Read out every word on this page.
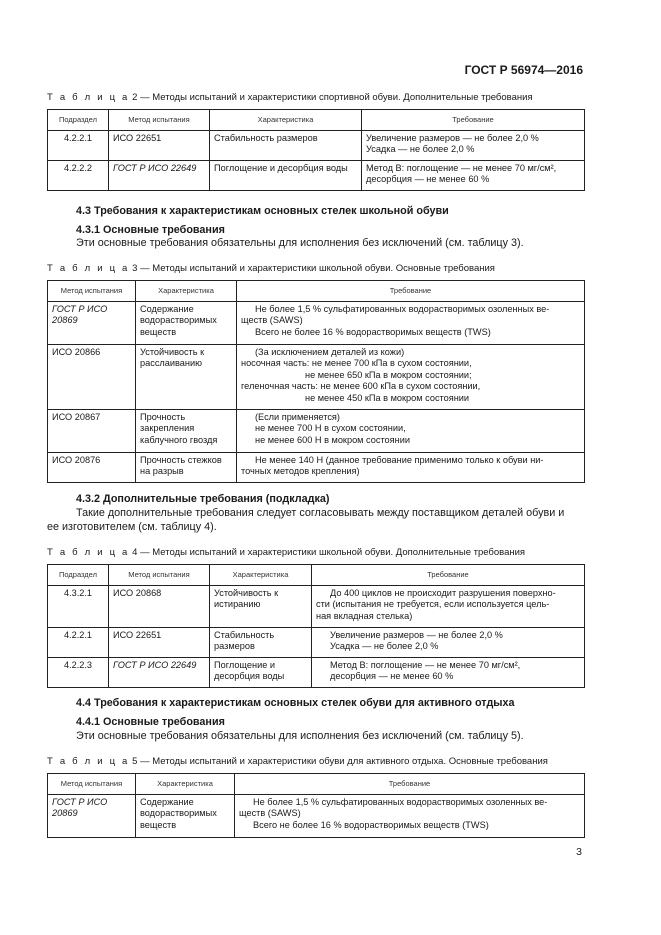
ГОСТ Р 56974—2016
Т а б л и ц а 2 — Методы испытаний и характеристики спортивной обуви. Дополнительные требования
Подраздел	Метод испытания	Характеристика	Требование
4.2.2.1	ИСО 22651	Стабильность размеров	Увеличение размеров — не более 2,0 %
Усадка — не более 2,0 %

4.2.2.2	ГОСТ Р ИСО 22649	Поглощение и десорбция воды	Метод В: поглощение — не менее 70 мг/см²,
десорбция — не менее 60 %
4.3 Требования к характеристикам основных стелек школьной обуви
4.3.1 Основные требования
Эти основные требования обязательны для исполнения без исключений (см. таблицу 3).
Т а б л и ц а 3 — Методы испытаний и характеристики школьной обуви. Основные требования
Метод испытания	Характеристика	Требование
ГОСТ Р ИСО 20869	Содержание водорастворимых веществ	Не более 1,5 % сульфатированных водорастворимых озоленных ве-
ществ (SAWS)
Всего не более 16 % водорастворимых веществ (TWS)

ИСО 20866	Устойчивость к расслаиванию	(За исключением деталей из кожи)
носочная часть: не менее 700 кПа в сухом состоянии,
не менее 650 кПа в мокром состоянии;
геленочная часть: не менее 600 кПа в сухом состоянии,
не менее 450 кПа в мокром состоянии

ИСО 20867	Прочность закрепления каблучного гвоздя	(Если применяется)
не менее 700 Н в сухом состоянии,
не менее 600 Н в мокром состоянии

ИСО 20876	Прочность стежков на разрыв	Не менее 140 Н (данное требование применимо только к обуви ни-
точных методов крепления)
4.3.2 Дополнительные требования (подкладка)
Такие дополнительные требования следует согласовывать между поставщиком деталей обуви и
ее изготовителем (см. таблицу 4).
Т а б л и ц а 4 — Методы испытаний и характеристики школьной обуви. Дополнительные требования
Подраздел	Метод испытания	Характеристика	Требование
4.3.2.1	ИСО 20868	Устойчивость к истиранию	До 400 циклов не происходит разрушения поверхно-
сти (испытания не требуется, если используется цель-
ная вкладная стелька)

4.2.2.1	ИСО 22651	Стабильность размеров	Увеличение размеров — не более 2,0 %
Усадка — не более 2,0 %

4.2.2.3	ГОСТ Р ИСО 22649	Поглощение и десорбция воды	Метод В: поглощение — не менее 70 мг/см²,
десорбция — не менее 60 %
4.4 Требования к характеристикам основных стелек обуви для активного отдыха
4.4.1 Основные требования
Эти основные требования обязательны для исполнения без исключений (см. таблицу 5).
Т а б л и ц а 5 — Методы испытаний и характеристики обуви для активного отдыха. Основные требования
Метод испытания	Характеристика	Требование
ГОСТ Р ИСО 20869	Содержание водорастворимых веществ	Не более 1,5 % сульфатированных водорастворимых озоленных ве-
ществ (SAWS)
Всего не более 16 % водорастворимых веществ (TWS)
3
